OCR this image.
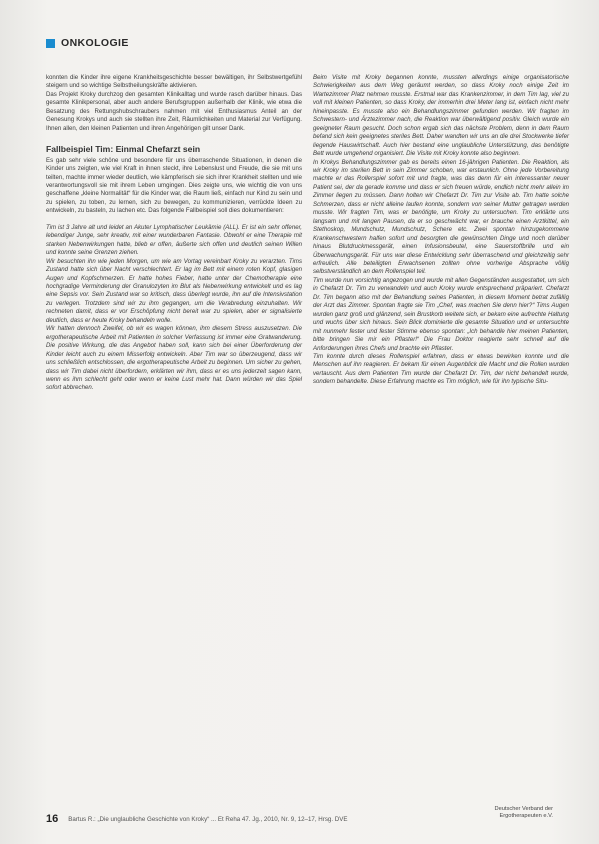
ONKOLOGIE

konnten die Kinder ihre eigene Krankheitsgeschichte besser bewältigen, ihr Selbstwertgefühl steigern und so wichtige Selbstheilungskräfte aktivieren.

Das Projekt Kroky durchzog den gesamten Klinikalltag und wurde rasch darüber hinaus. Das gesamte Klinikpersonal, aber auch andere Berufsgruppen außerhalb der Klinik, wie etwa die Besatzung des Rettungshubschraubers nahmen mit viel Enthusiasmus Anteil an der Genesung Krokys und auch sie stellten ihre Zeit, Räumlichkeiten und Material zur Verfügung. Ihnen allen, den kleinen Patienten und ihren Angehörigen gilt unser Dank.

Fallbeispiel Tim: Einmal Chefarzt sein

Es gab sehr viele schöne und besondere für uns überraschende Situationen, in denen die Kinder uns zeigten, wie viel Kraft in ihnen steckt, ihre Lebenslust und Freude, die sie mit uns teilten, machte immer wieder deutlich, wie kämpferisch sie sich ihrer Krankheit stellten und wie verantwortungsvoll sie mit ihrem Leben umgingen. Dies zeigte uns, wie wichtig die von uns geschaffene „kleine Normalität“ für die Kinder war, die Raum ließ, einfach nur Kind zu sein und zu spielen, zu toben, zu lernen, sich zu bewegen, zu kommunizieren, verrückte Ideen zu entwickeln, zu basteln, zu lachen etc. Das folgende Fallbeispiel soll dies dokumentieren:

Tim ist 3 Jahre alt und leidet an Akuter Lymphatischer Leukämie (ALL). Er ist ein sehr offener, lebendiger Junge, sehr kreativ, mit einer wunderbaren Fantasie. Obwohl er eine Therapie mit starken Nebenwirkungen hatte, blieb er offen, äußerte sich offen und deutlich seinen Willen und konnte seine Grenzen ziehen.

Wir besuchten ihn wie jeden Morgen, um wie am Vortag vereinbart Kroky zu verarzten. Tims Zustand hatte sich über Nacht verschlechtert. Er lag im Bett mit einem roten Kopf, glasigen Augen und Kopfschmerzen. Er hatte hohes Fieber, hatte unter der Chemotherapie eine hochgradige Verminderung der Granulozyten im Blut als Nebenwirkung entwickelt und es lag eine Sepsis vor. Sein Zustand war so kritisch, dass überlegt wurde, ihn auf die Intensivstation zu verlegen. Trotzdem sind wir zu ihm gegangen, um die Verabredung einzuhalten. Wir rechneten damit, dass er vor Erschöpfung nicht bereit war zu spielen, aber er signalisierte deutlich, dass er heute Kroky behandeln wolle.

Wir hatten dennoch Zweifel, ob wir es wagen können, ihm diesem Stress auszusetzen. Die ergotherapeutische Arbeit mit Patienten in solcher Verfassung ist immer eine Gratwanderung. Die positive Wirkung, die das Angebot haben soll, kann sich bei einer Überforderung der Kinder leicht auch zu einem Misserfolg entwickeln. Aber Tim war so überzeugend, dass wir uns schließlich entschlossen, die ergotherapeutische Arbeit zu beginnen. Um sicher zu gehen, dass wir Tim dabei nicht überfordern, erklärten wir ihm, dass er es uns jederzeit sagen kann, wenn es ihm schlecht geht oder wenn er keine Lust mehr hat. Dann würden wir das Spiel sofort abbrechen.

Beim Visite mit Kroky begannen konnte, mussten allerdings einige organisatorische Schwierigkeiten aus dem Weg geräumt werden, so dass Kroky noch einige Zeit im Wartezimmer Platz nehmen musste. Erstmal war das Krankenzimmer, in dem Tim lag, viel zu voll mit kleinen Patienten, so dass Kroky, der immerhin drei Meter lang ist, einfach nicht mehr hineinpasste. Es musste also ein Behandlungszimmer gefunden werden. Wir fragten im Schwestern- und Ärztezimmer nach, die Reaktion war überwältigend positiv. Gleich wurde ein geeigneter Raum gesucht. Doch schon ergab sich das nächste Problem, denn in dem Raum befand sich kein geeignetes steriles Bett. Daher wandten wir uns an die drei Stockwerke tiefer liegende Hauswirtschaft. Auch hier bestand eine unglaubliche Unterstützung, das benötigte Bett wurde umgehend organisiert. Die Visite mit Kroky konnte also beginnen.

In Krokys Behandlungszimmer gab es bereits einen 16-jährigen Patienten. Die Reaktion, als wir Kroky im sterilen Bett in sein Zimmer schoben, war erstaunlich. Ohne jede Vorbereitung machte er das Rollerspiel sofort mit und fragte, was das denn für ein interessanter neuer Patient sei, der da gerade komme und dass er sich freuen würde, endlich nicht mehr allein im Zimmer liegen zu müssen. Dann holten wir Chefarzt Dr. Tim zur Visite ab. Tim hatte solche Schmerzen, dass er nicht alleine laufen konnte, sondern von seiner Mutter getragen werden musste. Wir fragten Tim, was er benötigte, um Kroky zu untersuchen. Tim erklärte uns langsam und mit langen Pausen, da er so geschwächt war, er brauche einen Arztkittel, ein Stethoskop, Mundschutz, Mundschutz, Schere etc. Zwei spontan hinzugekommene Krankenschwestern halfen sofort und besorgten die gewünschten Dinge und noch darüber hinaus Blutdruckmessgerät, einen Infusionsbeutel, eine Sauerstoffbrille und ein Überwachungsgerät. Für uns war diese Entwicklung sehr überraschend und gleichzeitig sehr erfreulich. Alle beteiligten Erwachsenen zollten ohne vorherige Absprache völlig selbstverständlich an dem Rollenspiel teil.

Tim wurde nun vorsichtig angezogen und wurde mit allen Gegenständen ausgestattet, um sich in Chefarzt Dr. Tim zu verwandeln und auch Kroky wurde entsprechend präpariert. Chefarzt Dr. Tim begann also mit der Behandlung seines Patienten, in diesem Moment betrat zufällig der Arzt das Zimmer. Spontan fragte sie Tim „Chef, was machen Sie denn hier?“ Tims Augen wurden ganz groß und glänzend, sein Brustkorb weitete sich, er bekam eine aufrechte Haltung und wuchs über sich hinaus. Sein Blick dominierte die gesamte Situation und er untersuchte mit nunmehr fester und fester Stimme ebenso spontan: „Ich behandle hier meinen Patienten, bitte bringen Sie mir ein Pflaster!“ Die Frau Doktor reagierte sehr schnell auf die Anforderungen ihres Chefs und brachte ein Pflaster.

Tim konnte durch dieses Rollenspiel erfahren, dass er etwas bewirken konnte und die Menschen auf ihn reagieren. Er bekam für einen Augenblick die Macht und die Rollen wurden vertauscht. Aus dem Patienten Tim wurde der Chefarzt Dr. Tim, der nicht behandelt wurde, sondern behandelte. Diese Erfahrung machte es Tim möglich, wie für ihn typische Situ-

16 Bartus R.: „Die unglaubliche Geschichte von Kroky“ ... Et Reha 47. Jg., 2010, Nr. 9, 12–17, Hrsg. DVE
Deutscher Verband der
Ergotherapeuten e.V.
